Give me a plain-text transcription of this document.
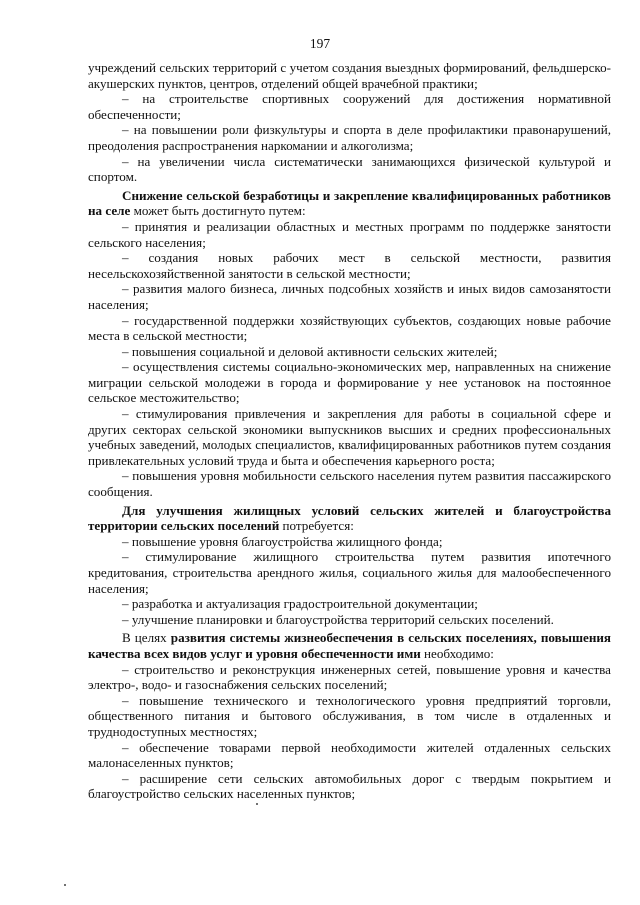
197

учреждений сельских территорий с учетом создания выездных формирований, фельдшерско-акушерских пунктов, центров, отделений общей врачебной практики;

– на строительстве спортивных сооружений для достижения нормативной обеспеченности;

– на повышении роли физкультуры и спорта в деле профилактики правонарушений, преодоления распространения наркомании и алкоголизма;

– на увеличении числа систематически занимающихся физической культурой и спортом.

Снижение сельской безработицы и закрепление квалифицированных работников на селе может быть достигнуто путем:

– принятия и реализации областных и местных программ по поддержке занятости сельского населения;

– создания новых рабочих мест в сельской местности, развития несельскохозяйственной занятости в сельской местности;

– развития малого бизнеса, личных подсобных хозяйств и иных видов самозанятости населения;

– государственной поддержки хозяйствующих субъектов, создающих новые рабочие места в сельской местности;

– повышения социальной и деловой активности сельских жителей;

– осуществления системы социально-экономических мер, направленных на снижение миграции сельской молодежи в города и формирование у нее установок на постоянное сельское местожительство;

– стимулирования привлечения и закрепления для работы в социальной сфере и других секторах сельской экономики выпускников высших и средних профессиональных учебных заведений, молодых специалистов, квалифицированных работников путем создания привлекательных условий труда и быта и обеспечения карьерного роста;

– повышения уровня мобильности сельского населения путем развития пассажирского сообщения.

Для улучшения жилищных условий сельских жителей и благоустройства территории сельских поселений потребуется:

– повышение уровня благоустройства жилищного фонда;

– стимулирование жилищного строительства путем развития ипотечного кредитования, строительства арендного жилья, социального жилья для малообеспеченного населения;

– разработка и актуализация градостроительной документации;

– улучшение планировки и благоустройства территорий сельских поселений.

В целях развития системы жизнеобеспечения в сельских поселениях, повышения качества всех видов услуг и уровня обеспеченности ими необходимо:

– строительство и реконструкция инженерных сетей, повышение уровня и качества электро-, водо- и газоснабжения сельских поселений;

– повышение технического и технологического уровня предприятий торговли, общественного питания и бытового обслуживания, в том числе в отдаленных и труднодоступных местностях;

– обеспечение товарами первой необходимости жителей отдаленных сельских малонаселенных пунктов;

– расширение сети сельских автомобильных дорог с твердым покрытием и благоустройство сельских населенных пунктов;
